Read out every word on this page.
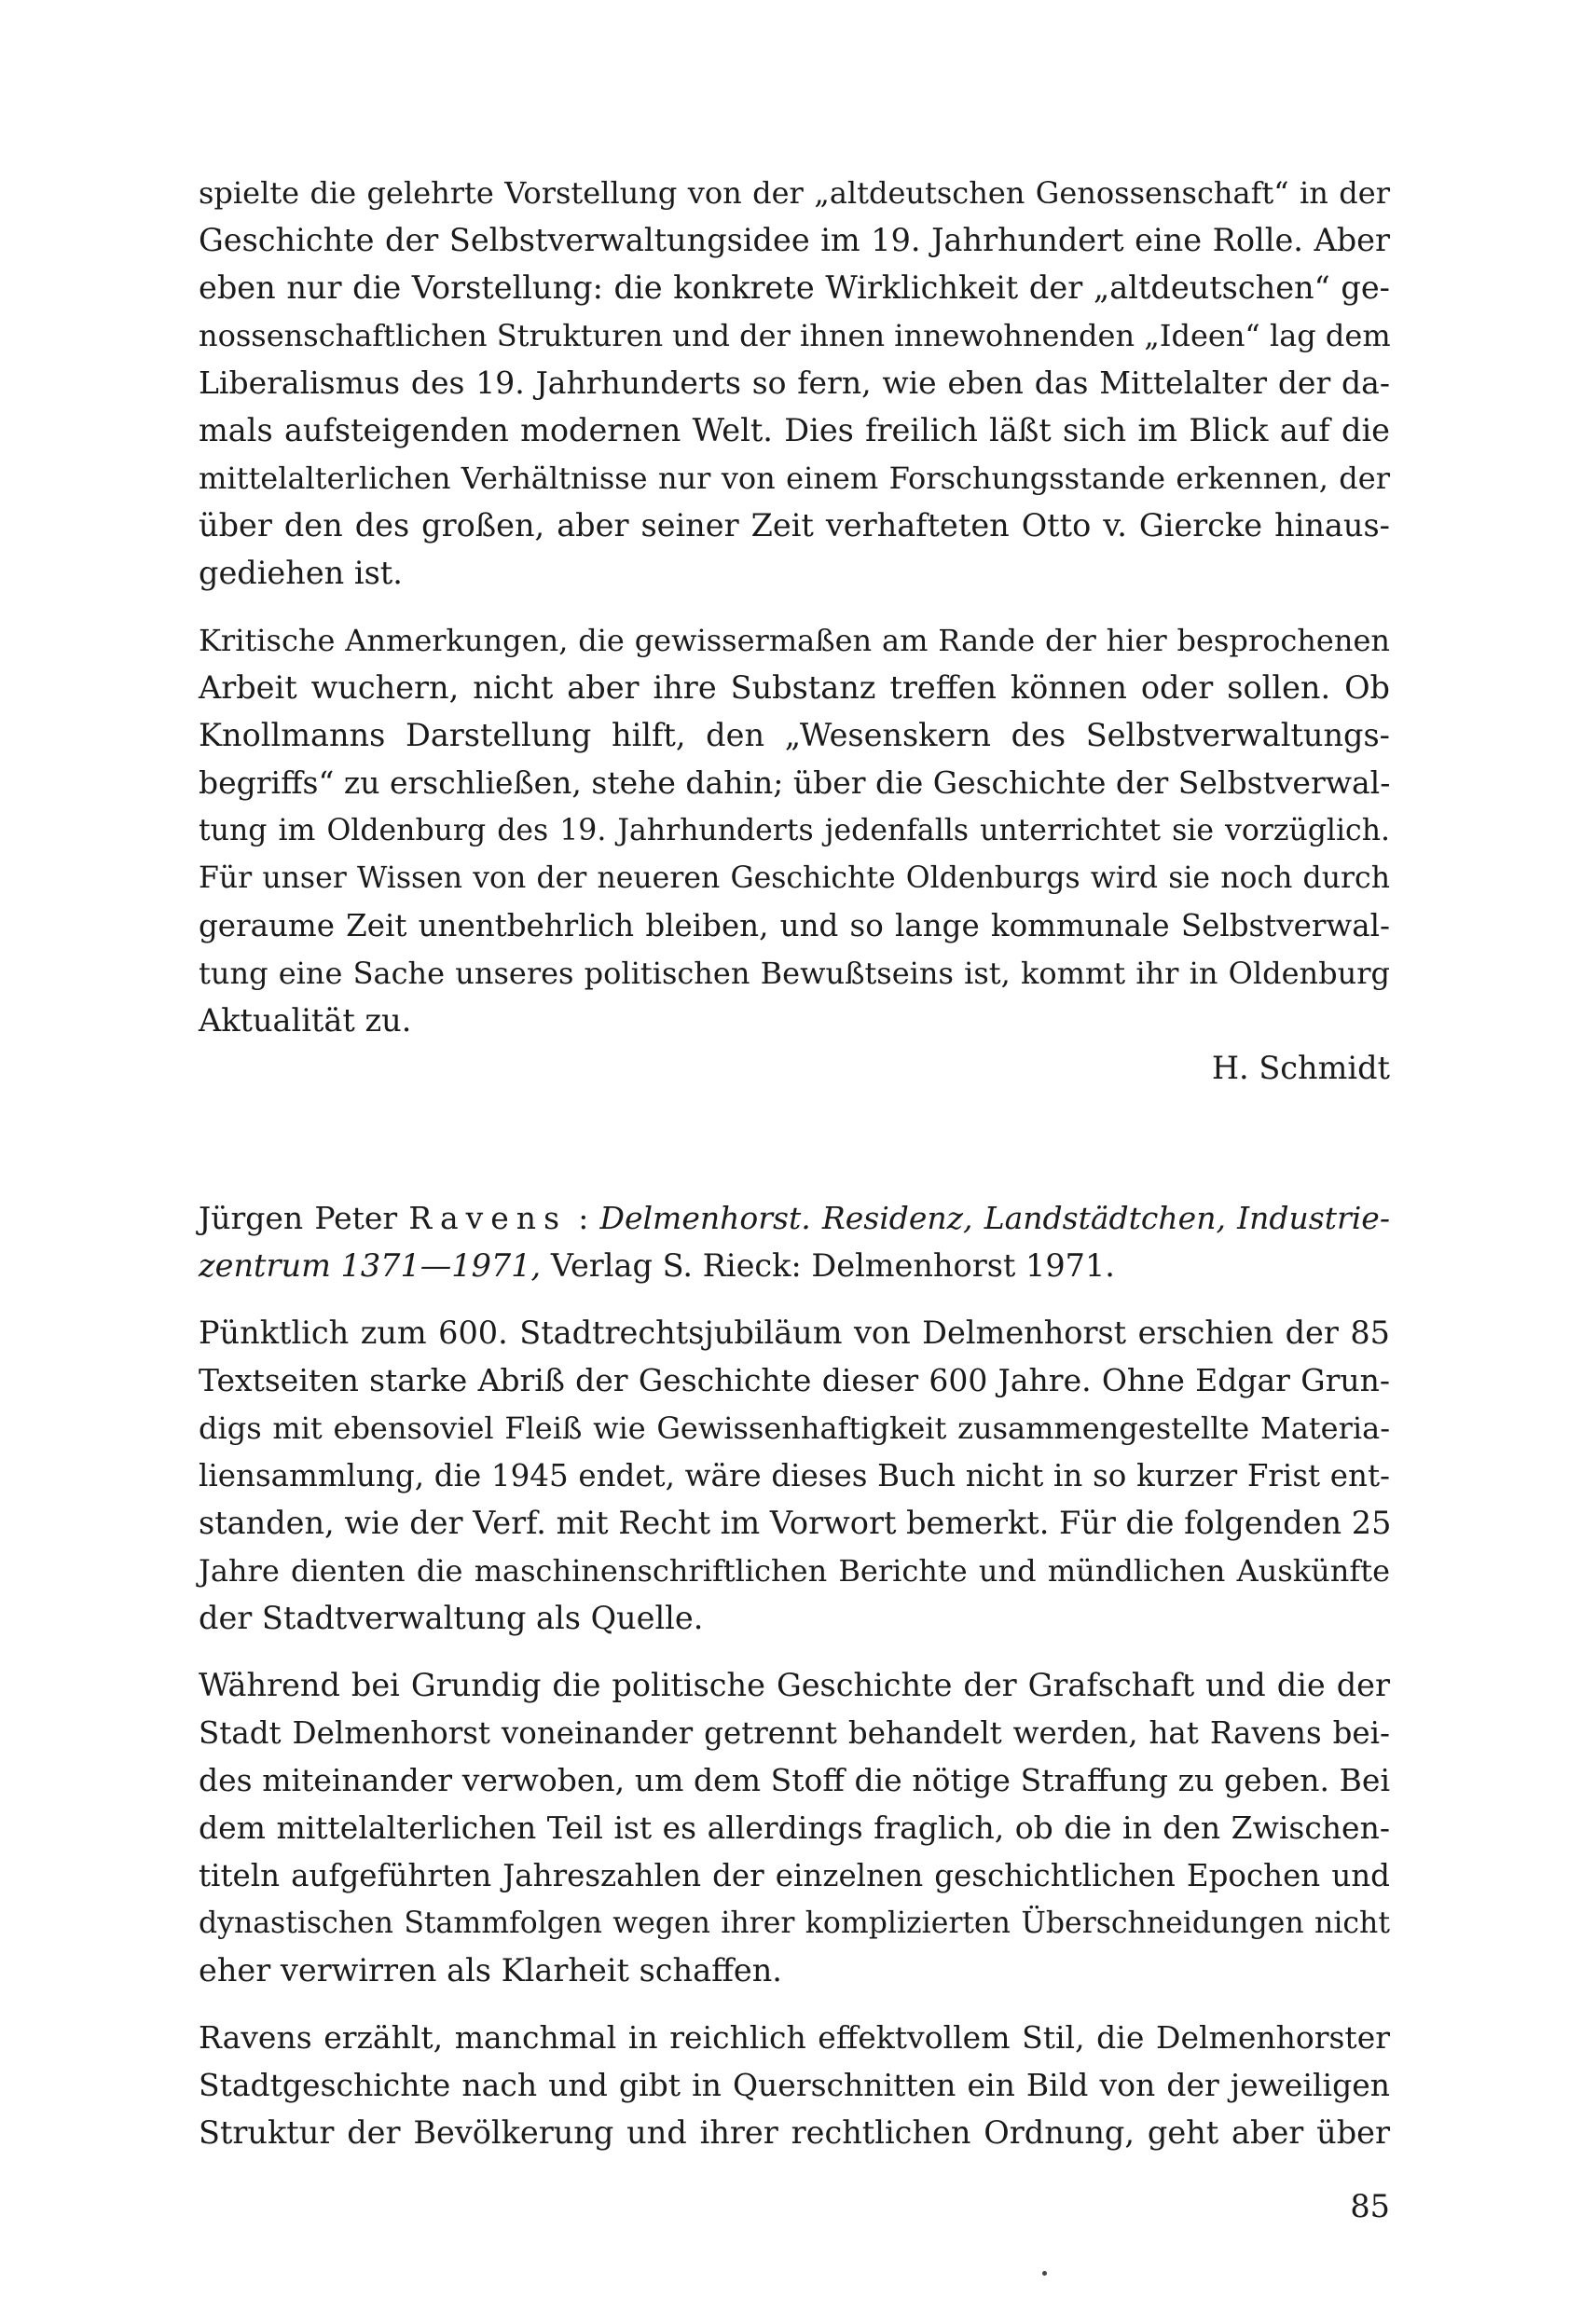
spielte die gelehrte Vorstellung von der „altdeutschen Genossenschaft“ in der
Geschichte der Selbstverwaltungsidee im 19. Jahrhundert eine Rolle. Aber
eben nur die Vorstellung: die konkrete Wirklichkeit der „altdeutschen“ ge-
nossenschaftlichen Strukturen und der ihnen innewohnenden „Ideen“ lag dem
Liberalismus des 19. Jahrhunderts so fern, wie eben das Mittelalter der da-
mals aufsteigenden modernen Welt. Dies freilich läßt sich im Blick auf die
mittelalterlichen Verhältnisse nur von einem Forschungsstande erkennen, der
über den des großen, aber seiner Zeit verhafteten Otto v. Giercke hinaus-
gediehen ist.
Kritische Anmerkungen, die gewissermaßen am Rande der hier besprochenen
Arbeit wuchern, nicht aber ihre Substanz treffen können oder sollen. Ob
Knollmanns Darstellung hilft, den „Wesenskern des Selbstverwaltungs-
begriffs“ zu erschließen, stehe dahin; über die Geschichte der Selbstverwal-
tung im Oldenburg des 19. Jahrhunderts jedenfalls unterrichtet sie vorzüglich.
Für unser Wissen von der neueren Geschichte Oldenburgs wird sie noch durch
geraume Zeit unentbehrlich bleiben, und so lange kommunale Selbstverwal-
tung eine Sache unseres politischen Bewußtseins ist, kommt ihr in Oldenburg
Aktualität zu.
H. Schmidt
Jürgen Peter Ravens : Delmenhorst. Residenz, Landstädtchen, Industrie-
zentrum 1371—1971, Verlag S. Rieck: Delmenhorst 1971.
Pünktlich zum 600. Stadtrechtsjubiläum von Delmenhorst erschien der 85
Textseiten starke Abriß der Geschichte dieser 600 Jahre. Ohne Edgar Grun-
digs mit ebensoviel Fleiß wie Gewissenhaftigkeit zusammengestellte Materia-
liensammlung, die 1945 endet, wäre dieses Buch nicht in so kurzer Frist ent-
standen, wie der Verf. mit Recht im Vorwort bemerkt. Für die folgenden 25
Jahre dienten die maschinenschriftlichen Berichte und mündlichen Auskünfte
der Stadtverwaltung als Quelle.
Während bei Grundig die politische Geschichte der Grafschaft und die der
Stadt Delmenhorst voneinander getrennt behandelt werden, hat Ravens bei-
des miteinander verwoben, um dem Stoff die nötige Straffung zu geben. Bei
dem mittelalterlichen Teil ist es allerdings fraglich, ob die in den Zwischen-
titeln aufgeführten Jahreszahlen der einzelnen geschichtlichen Epochen und
dynastischen Stammfolgen wegen ihrer komplizierten Überschneidungen nicht
eher verwirren als Klarheit schaffen.
Ravens erzählt, manchmal in reichlich effektvollem Stil, die Delmenhorster
Stadtgeschichte nach und gibt in Querschnitten ein Bild von der jeweiligen
Struktur der Bevölkerung und ihrer rechtlichen Ordnung, geht aber über
85
